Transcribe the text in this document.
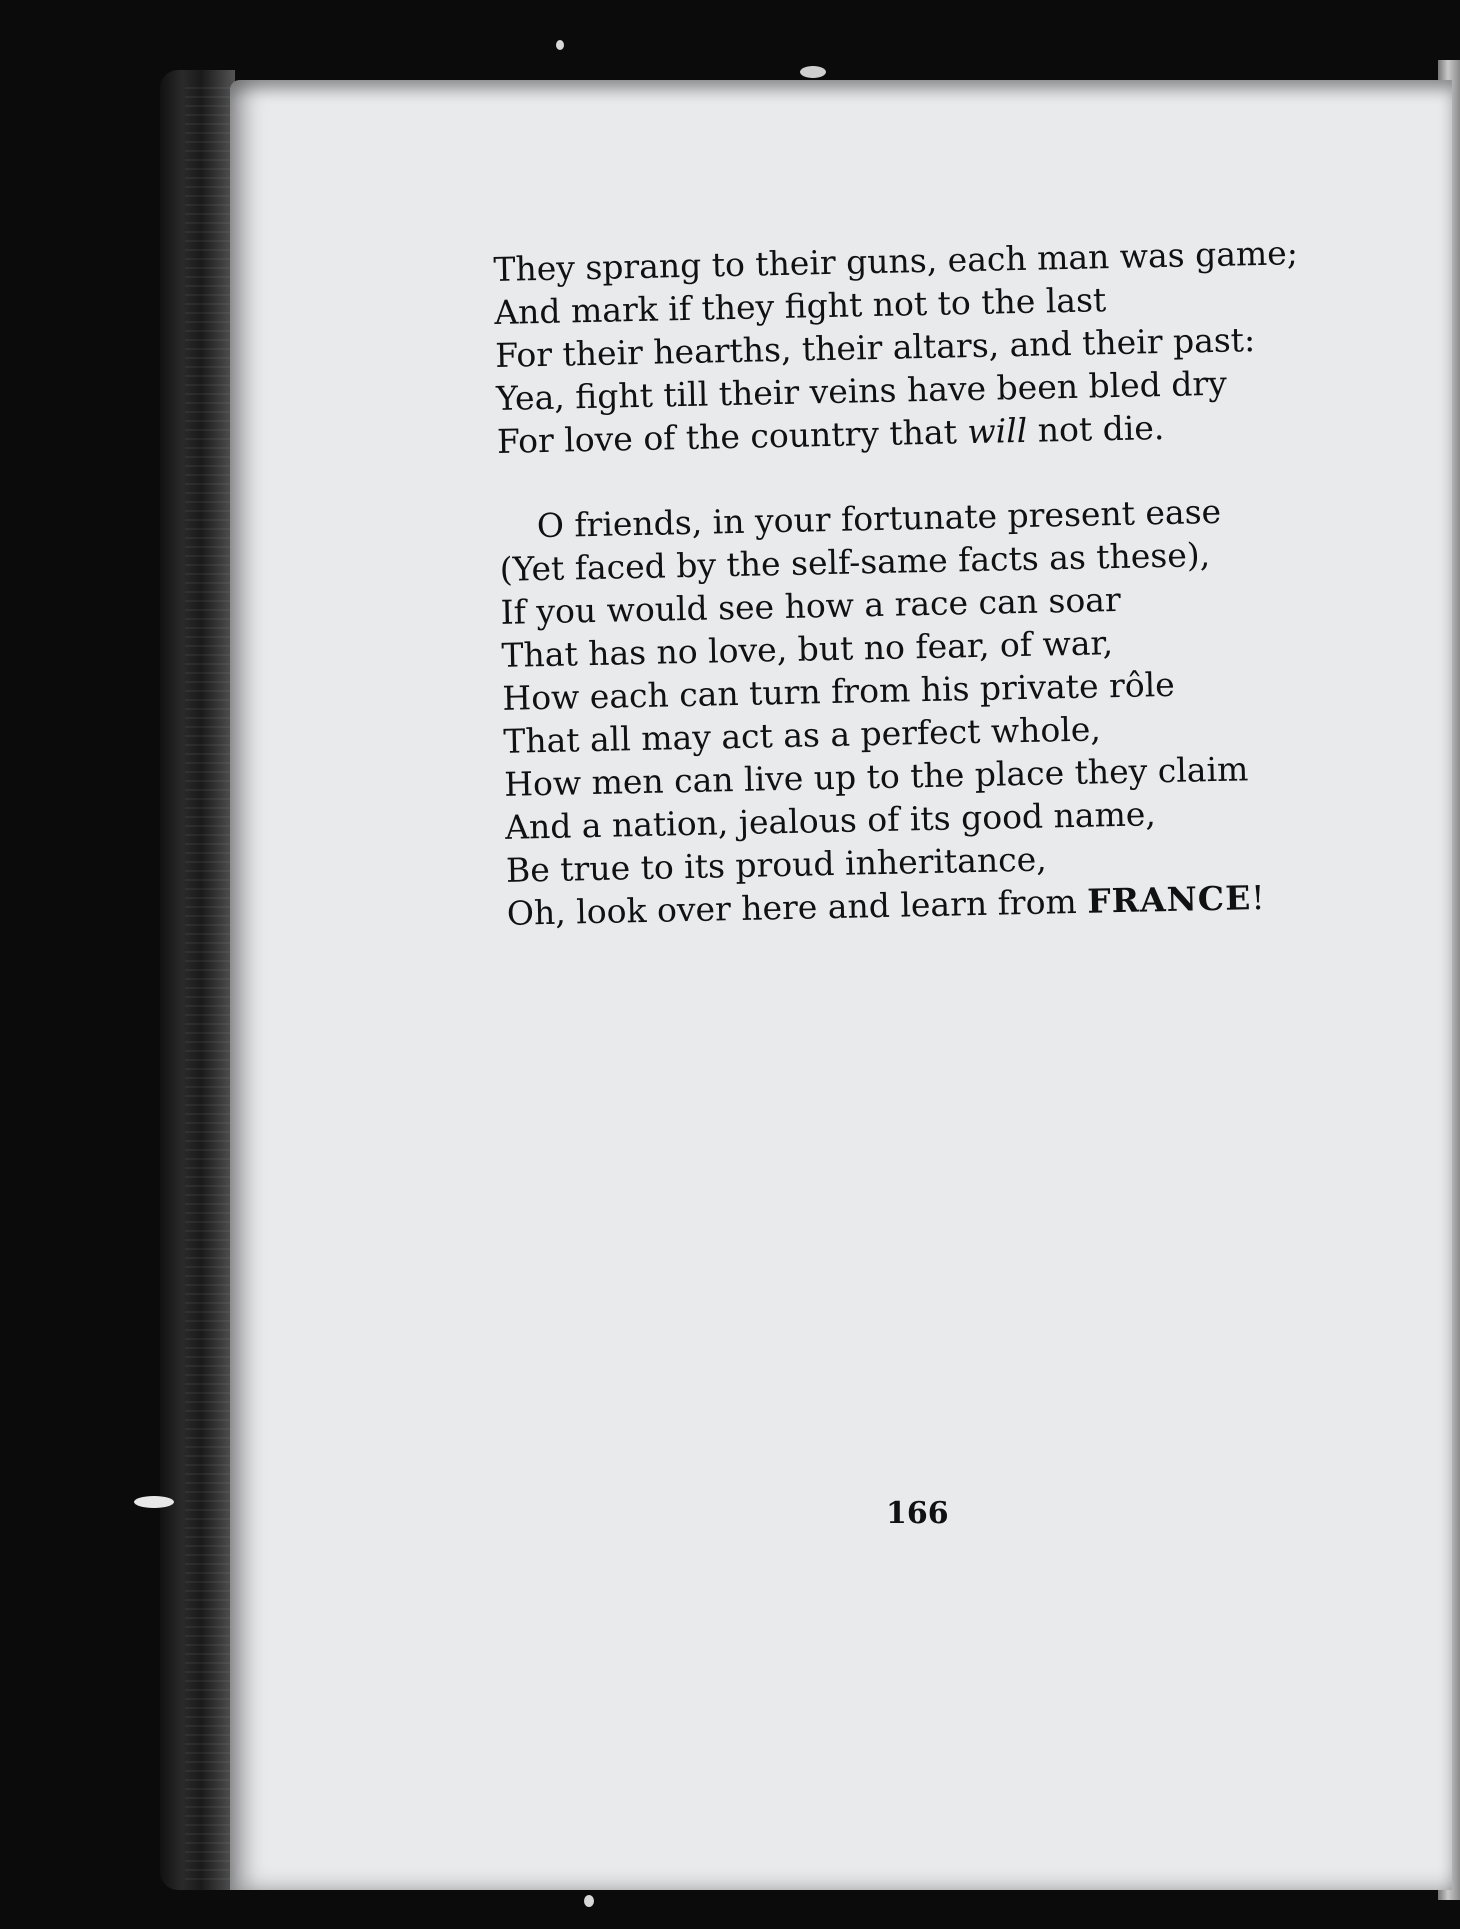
They sprang to their guns, each man was game;
And mark if they fight not to the last
For their hearths, their altars, and their past:
Yea, fight till their veins have been bled dry
For love of the country that will not die.
O friends, in your fortunate present ease
(Yet faced by the self-same facts as these),
If you would see how a race can soar
That has no love, but no fear, of war,
How each can turn from his private rôle
That all may act as a perfect whole,
How men can live up to the place they claim
And a nation, jealous of its good name,
Be true to its proud inheritance,
Oh, look over here and learn from FRANCE!
166
